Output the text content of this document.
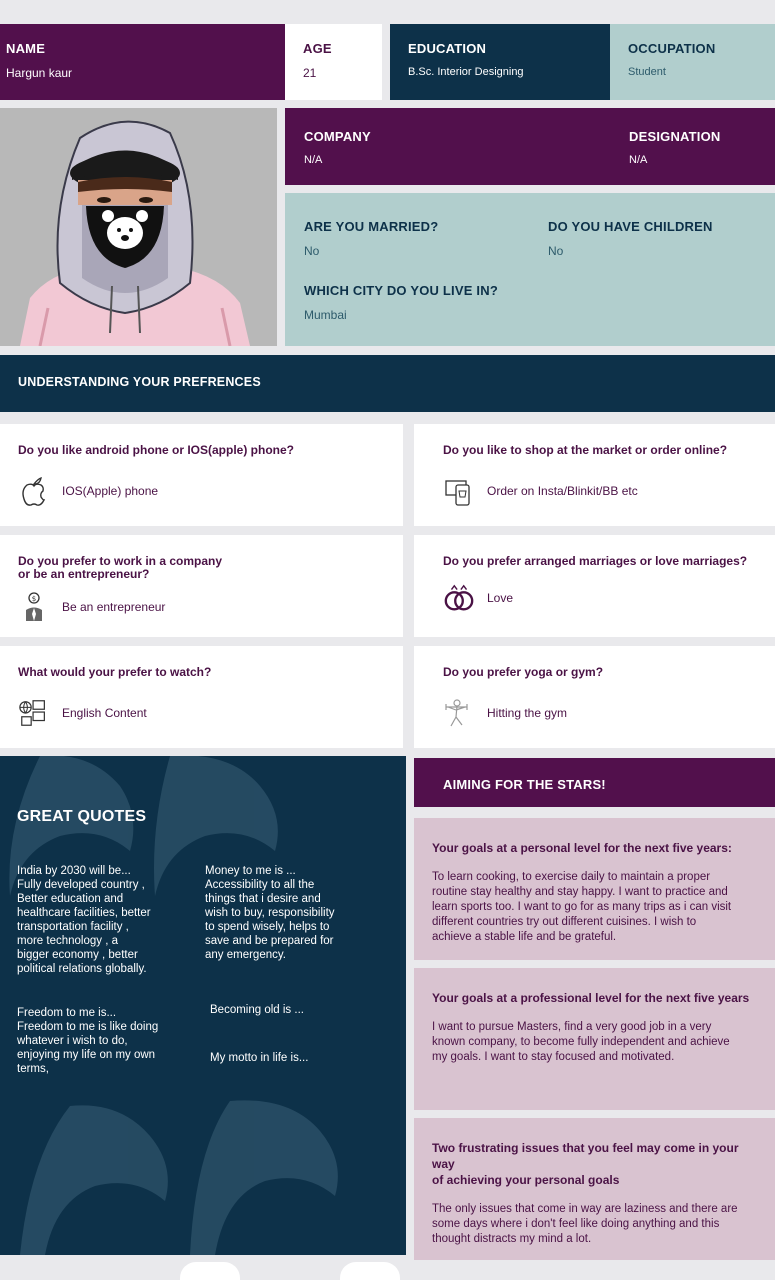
NAME
Hargun kaur
AGE
21
EDUCATION
B.Sc. Interior Designing
OCCUPATION
Student
COMPANY
N/A
DESIGNATION
N/A
ARE YOU MARRIED?
No
DO YOU HAVE CHILDREN
No
WHICH CITY DO YOU LIVE IN?
Mumbai
UNDERSTANDING YOUR PREFRENCES
Do you like android phone or IOS(apple) phone?
IOS(Apple) phone
Do you like to shop at the market or order online?
Order on Insta/Blinkit/BB etc
Do you prefer to work in a company
or be an entrepreneur?
$
Be an entrepreneur
Do you prefer arranged marriages or love marriages?
Love
What would your prefer to watch?
English Content
Do you prefer yoga or gym?
Hitting the gym
GREAT QUOTES
India by 2030 will be...
Fully developed country ,
Better education and
healthcare facilities, better
transportation facility ,
more technology , a
bigger economy , better
political relations globally.
Money to me is ...
Accessibility to all the
things that i desire and
wish to buy, responsibility
to spend wisely, helps to
save and be prepared for
any emergency.
Freedom to me is...
Freedom to me is like doing
whatever i wish to do,
enjoying my life on my own
terms,
Becoming old is ...
My motto in life is...
AIMING FOR THE STARS!
Your goals at a personal level for the next five years:
To learn cooking, to exercise daily to maintain a proper
routine stay healthy and stay happy. I want to practice and
learn sports too. I want to go for as many trips as i can visit
different countries try out different cuisines. I wish to
achieve a stable life and be grateful.
Your goals at a professional level for the next five years
I want to pursue Masters, find a very good job in a very
known company, to become fully independent and achieve
my goals. I want to stay focused and motivated.
Two frustrating issues that you feel may come in your way
of achieving your personal goals
The only issues that come in way are laziness and there are
some days where i don't feel like doing anything and this
thought distracts my mind a lot.
